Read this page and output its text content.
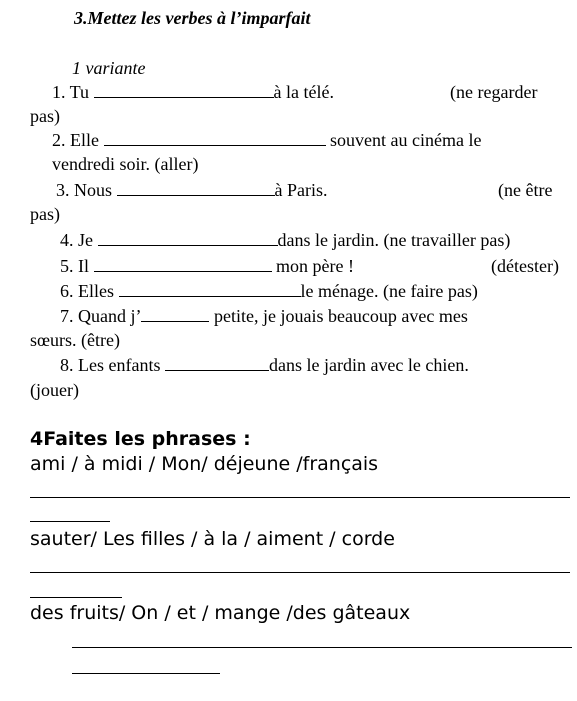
3.Mettez les verbes à l’imparfait
1 variante
1. Tu	à la télé.	(ne regarder
pas)
2. Elle	souvent au cinéma le
vendredi soir. (aller)
3. Nous	à Paris.	(ne être
pas)
4. Je	dans le jardin. (ne travailler pas)
5. Il	mon père !	(détester)
6. Elles	le ménage. (ne faire pas)
7. Quand j’	petite, je jouais beaucoup avec mes
sœurs. (être)
8. Les enfants	dans le jardin avec le chien.
(jouer)
4Faites les phrases :
ami / à midi / Mon/ déjeune /français
sauter/ Les filles / à la / aiment / corde
des fruits/ On / et / mange /des gâteaux
